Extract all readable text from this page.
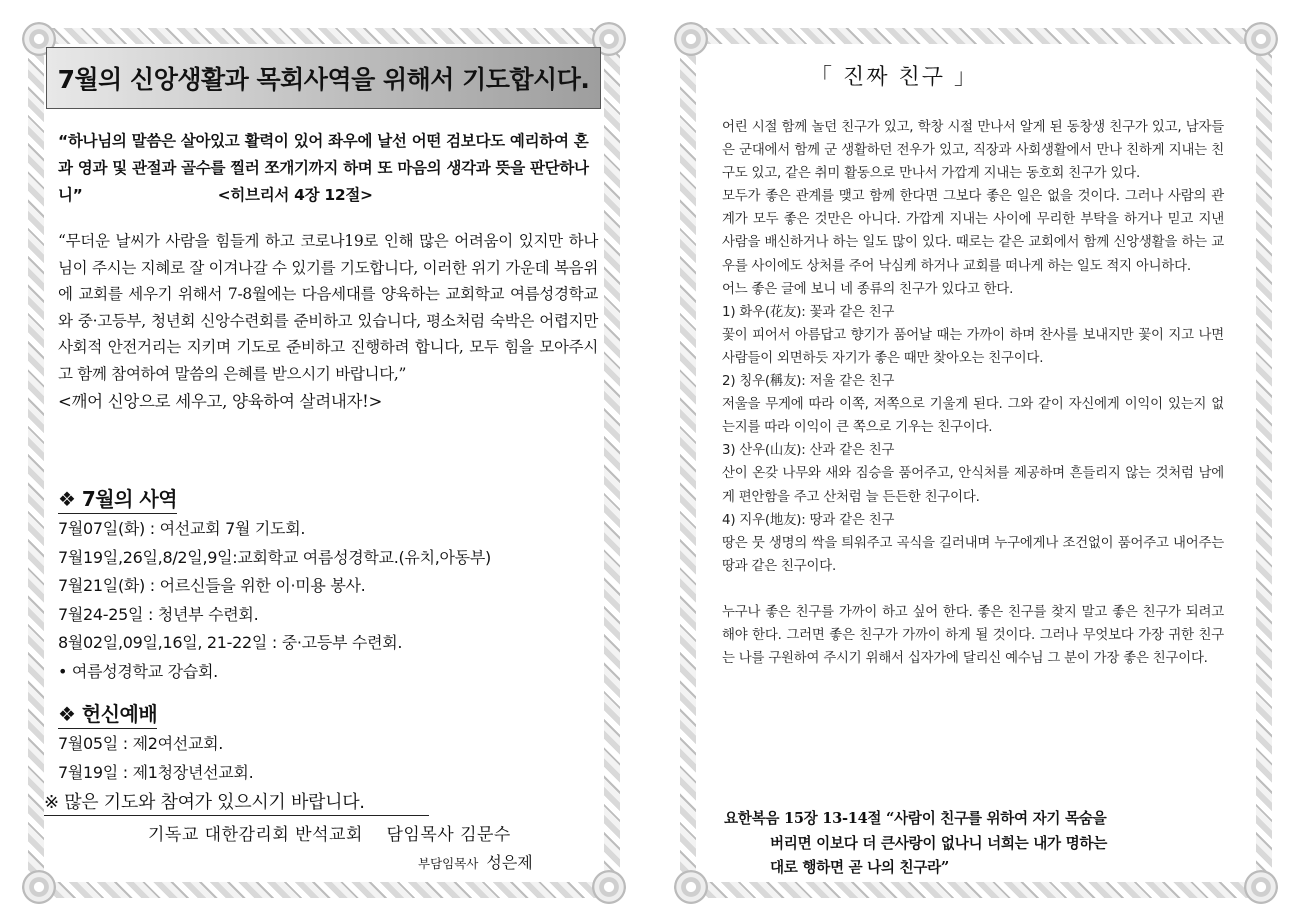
7월의 신앙생활과 목회사역을 위해서 기도합시다.
“하나님의 말씀은 살아있고 활력이 있어 좌우에 날선 어떤 검보다도 예리하여 혼과 영과 및 관절과 골수를 찔러 쪼개기까지 하며 또 마음의 생각과 뜻을 판단하나니”	<히브리서 4장 12절>
“무더운 날씨가 사람을 힘들게 하고 코로나19로 인해 많은 어려움이 있지만 하나님이 주시는 지혜로 잘 이겨나갈 수 있기를 기도합니다, 이러한 위기 가운데 복음위에 교회를 세우기 위해서 7-8월에는 다음세대를 양육하는 교회학교 여름성경학교와 중·고등부, 청년회 신앙수련회를 준비하고 있습니다, 평소처럼 숙박은 어렵지만 사회적 안전거리는 지키며 기도로 준비하고 진행하려 합니다, 모두 힘을 모아주시고 함께 참여하여 말씀의 은혜를 받으시기 바랍니다,”
<깨어 신앙으로 세우고, 양육하여 살려내자!>
❖ 7월의 사역
7월07일(화) : 여선교회 7월 기도회.
7월19일,26일,8/2일,9일:교회학교 여름성경학교.(유치,아동부)
7월21일(화) : 어르신들을 위한 이·미용 봉사.
7월24-25일 : 청년부 수련회.
8월02일,09일,16일, 21-22일 : 중·고등부 수련회.
• 여름성경학교 강습회.
❖ 헌신예배
7월05일 : 제2여선교회.
7월19일 : 제1청장년선교회.
※ 많은 기도와 참여가 있으시기 바랍니다.
기독교 대한감리회 반석교회 담임목사 김문수
부담임목사 성은제
「 진짜 친구 」

어린 시절 함께 놀던 친구가 있고, 학창 시절 만나서 알게 된 동창생 친구가 있고, 남자들은 군대에서 함께 군 생활하던 전우가 있고, 직장과 사회생활에서 만나 친하게 지내는 친구도 있고, 같은 취미 활동으로 만나서 가깝게 지내는 동호회 친구가 있다.

모두가 좋은 관계를 맺고 함께 한다면 그보다 좋은 일은 없을 것이다. 그러나 사람의 관계가 모두 좋은 것만은 아니다. 가깝게 지내는 사이에 무리한 부탁을 하거나 믿고 지낸 사람을 배신하거나 하는 일도 많이 있다. 때로는 같은 교회에서 함께 신앙생활을 하는 교우를 사이에도 상처를 주어 낙심케 하거나 교회를 떠나게 하는 일도 적지 아니하다.

어느 좋은 글에 보니 네 종류의 친구가 있다고 한다.

1) 화우(花友): 꽃과 같은 친구

꽃이 피어서 아름답고 향기가 품어날 때는 가까이 하며 찬사를 보내지만 꽃이 지고 나면 사람들이 외면하듯 자기가 좋은 때만 찾아오는 친구이다.

2) 칭우(稱友): 저울 같은 친구

저울을 무게에 따라 이쪽, 저쪽으로 기울게 된다. 그와 같이 자신에게 이익이 있는지 없는지를 따라 이익이 큰 쪽으로 기우는 친구이다.

3) 산우(山友): 산과 같은 친구

산이 온갖 나무와 새와 짐승을 품어주고, 안식처를 제공하며 흔들리지 않는 것처럼 남에게 편안함을 주고 산처럼 늘 든든한 친구이다.

4) 지우(地友): 땅과 같은 친구

땅은 뭇 생명의 싹을 틔워주고 곡식을 길러내며 누구에게나 조건없이 품어주고 내어주는 땅과 같은 친구이다.

누구나 좋은 친구를 가까이 하고 싶어 한다. 좋은 친구를 찾지 말고 좋은 친구가 되려고 해야 한다. 그러면 좋은 친구가 가까이 하게 될 것이다. 그러나 무엇보다 가장 귀한 친구는 나를 구원하여 주시기 위해서 십자가에 달리신 예수님 그 분이 가장 좋은 친구이다.

요한복음 15장 13-14절 “사람이 친구를 위하여 자기 목숨을
버리면 이보다 더 큰사랑이 없나니 너희는 내가 명하는
대로 행하면 곧 나의 친구라”
